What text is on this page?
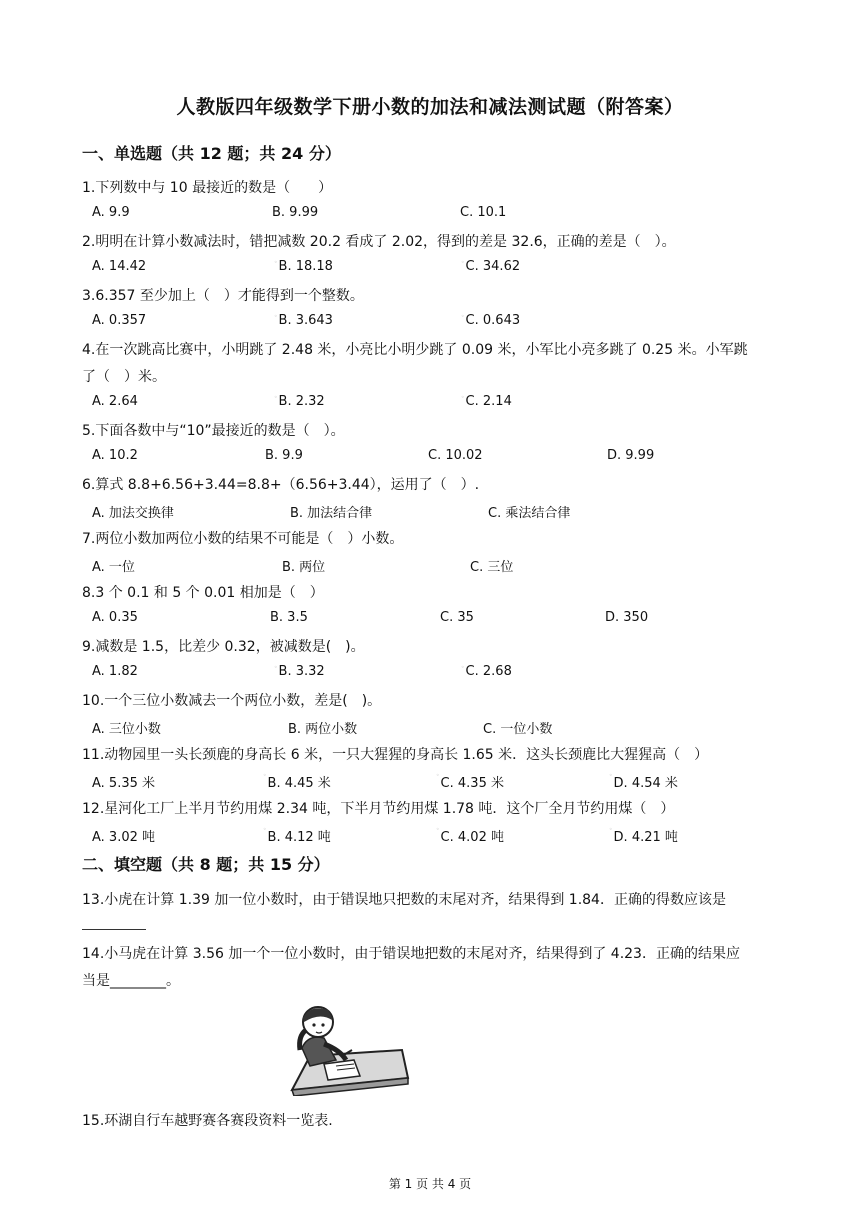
人教版四年级数学下册小数的加法和减法测试题（附答案）
一、单选题（共 12 题；共 24 分）
1.下列数中与 10 最接近的数是（　　）
A. 9.9	B. 9.99	C. 10.1
2.明明在计算小数减法时，错把减数 20.2 看成了 2.02，得到的差是 32.6，正确的差是（　）。
A. 14.42	◦B. 18.18	◦C. 34.62
3.6.357 至少加上（　）才能得到一个整数。
A. 0.357	◦B. 3.643	◦C. 0.643
4.在一次跳高比赛中，小明跳了 2.48 米，小亮比小明少跳了 0.09 米，小军比小亮多跳了 0.25 米。小军跳
了（　）米。
A. 2.64	◦B. 2.32	◦C. 2.14
5.下面各数中与“10”最接近的数是（　）。
A. 10.2	B. 9.9	C. 10.02	D. 9.99
6.算式 8.8+6.56+3.44=8.8+（6.56+3.44），运用了（　）.
A. 加法交换律	B. 加法结合律	C. 乘法结合律
7.两位小数加两位小数的结果不可能是（　）小数。
A. 一位	B. 两位	C. 三位
8.3 个 0.1 和 5 个 0.01 相加是（　）
A. 0.35	B. 3.5	C. 35	D. 350
9.减数是 1.5，比差少 0.32，被减数是(　)。
A. 1.82	◦B. 3.32	◦C. 2.68
10.一个三位小数减去一个两位小数，差是(　)。
A. 三位小数	B. 两位小数	C. 一位小数
11.动物园里一头长颈鹿的身高长 6 米，一只大猩猩的身高长 1.65 米．这头长颈鹿比大猩猩高（　）
A. 5.35 米
◦B. 4.45 米
◦C. 4.35 米
◦D. 4.54 米
12.星河化工厂上半月节约用煤 2.34 吨，下半月节约用煤 1.78 吨．这个厂全月节约用煤（　）
A. 3.02 吨
◦B. 4.12 吨
◦C. 4.02 吨
◦D. 4.21 吨
二、填空题（共 8 题；共 15 分）
13.小虎在计算 1.39 加一位小数时，由于错误地只把数的末尾对齐，结果得到 1.84．正确的得数应该是
14.小马虎在计算 3.56 加一个一位小数时，由于错误地把数的末尾对齐，结果得到了 4.23．正确的结果应
当是________。
15.环湖自行车越野赛各赛段资料一览表.
第 1 页 共 4 页
